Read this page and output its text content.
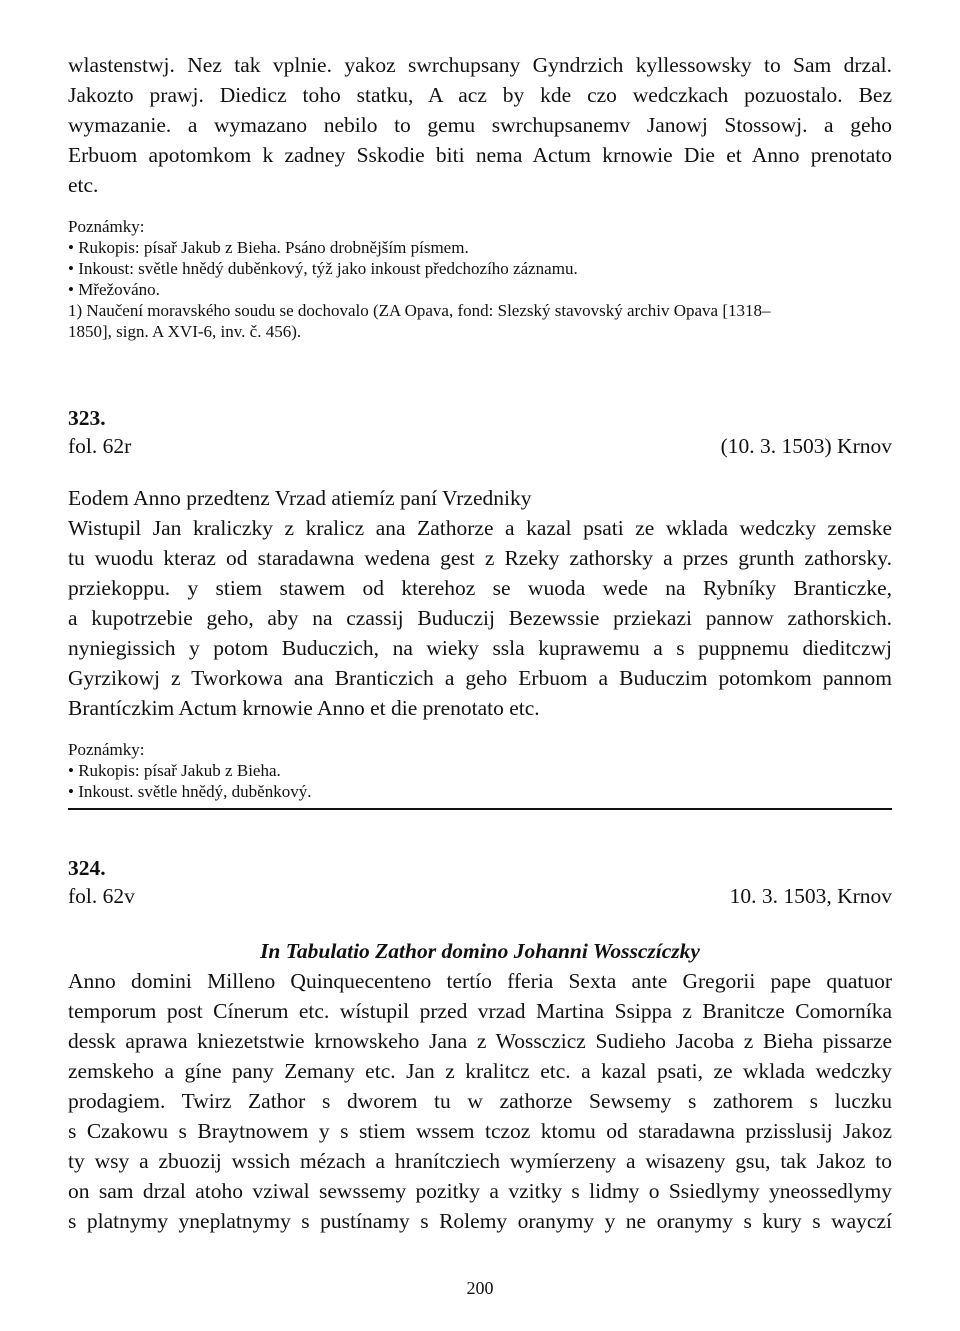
wlastenstwj. Nez tak vplnie. yakoz swrchupsany Gyndrzich kyllessowsky to Sam drzal.
Jakozto prawj. Diedicz toho statku, A acz by kde czo wedczkach pozuostalo. Bez
wymazanie. a wymazano nebilo to gemu swrchupsanemv Janowj Stossowj. a geho
Erbuom apotomkom k zadney Sskodie biti nema Actum krnowie Die et Anno prenotato
etc.
Poznámky:
• Rukopis: písař Jakub z Bieha. Psáno drobnějším písmem.
• Inkoust: světle hnědý duběnkový, týž jako inkoust předchozího záznamu.
• Mřežováno.
1) Naučení moravského soudu se dochovalo (ZA Opava, fond: Slezský stavovský archiv Opava [1318–
1850], sign. A XVI-6, inv. č. 456).
323.
fol. 62r	(10. 3. 1503) Krnov
Eodem Anno przedtenz Vrzad atiemíz paní Vrzedniky
Wistupil Jan kraliczky z kralicz ana Zathorze a kazal psati ze wklada wedczky zemske
tu wuodu kteraz od staradawna wedena gest z Rzeky zathorsky a przes grunth zathorsky.
prziekoppu. y stiem stawem od kterehoz se wuoda wede na Rybníky Branticzke,
a kupotrzebie geho, aby na czassij Buduczij Bezewssie prziekazi pannow zathorskich.
nyniegissich y potom Buduczich, na wieky ssla kuprawemu a s puppnemu dieditczwj
Gyrzikowj z Tworkowa ana Branticzich a geho Erbuom a Buduczim potomkom pannom
Brantíczkim Actum krnowie Anno et die prenotato etc.
Poznámky:
• Rukopis: písař Jakub z Bieha.
• Inkoust. světle hnědý, duběnkový.
324.
fol. 62v	10. 3. 1503, Krnov
In Tabulatio Zathor domino Johanni Wossczíczky
Anno domini Milleno Quinquecenteno tertío fferia Sexta ante Gregorii pape quatuor
temporum post Cínerum etc. wístupil przed vrzad Martina Ssippa z Branitcze Comorníka
dessk aprawa kniezetstwie krnowskeho Jana z Wossczicz Sudieho Jacoba z Bieha pissarze
zemskeho a gíne pany Zemany etc. Jan z kralitcz etc. a kazal psati, ze wklada wedczky
prodagiem. Twirz Zathor s dworem tu w zathorze Sewsemy s zathorem s luczku
s Czakowu s Braytnowem y s stiem wssem tczoz ktomu od staradawna przisslusij Jakoz
ty wsy a zbuozij wssich mézach a hranítcziech wymíerzeny a wisazeny gsu, tak Jakoz to
on sam drzal atoho vziwal sewssemy pozitky a vzitky s lidmy o Ssiedlymy yneossedlymy
s platnymy yneplatnymy s pustínamy s Rolemy oranymy y ne oranymy s kury s wayczí
200
